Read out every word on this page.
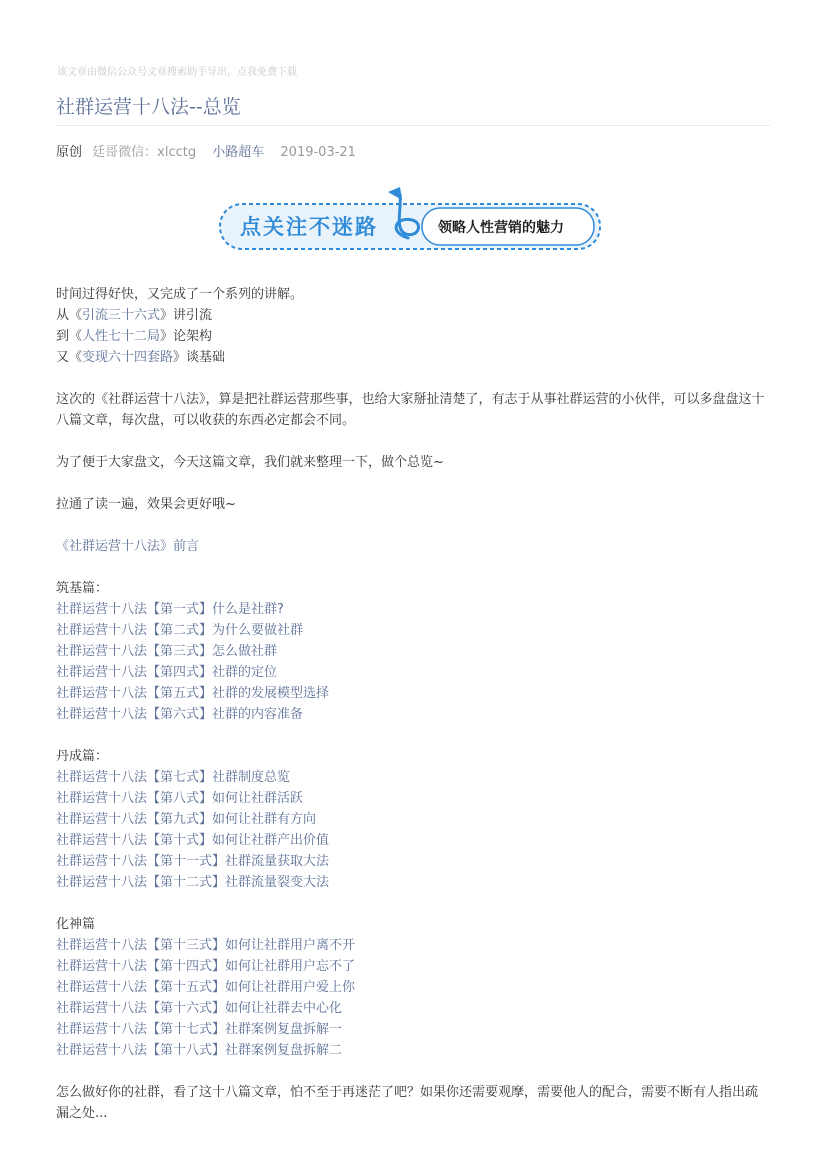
该文章由微信公众号文章搜索助手导出，点我免费下载
社群运营十八法--总览
原创 廷哥微信：xlcctg 小路超车 2019-03-21
点关注不迷路	领略人性营销的魅力

时间过得好快，又完成了一个系列的讲解。

从《引流三十六式》讲引流

到《人性七十二局》论架构

又《变现六十四套路》谈基础

这次的《社群运营十八法》，算是把社群运营那些事，也给大家掰扯清楚了，有志于从事社群运营的小伙伴，可以多盘盘这十八篇文章，每次盘，可以收获的东西必定都会不同。

为了便于大家盘文，今天这篇文章，我们就来整理一下，做个总览~

拉通了读一遍，效果会更好哦~

《社群运营十八法》前言

筑基篇：

社群运营十八法【第一式】什么是社群?

社群运营十八法【第二式】为什么要做社群

社群运营十八法【第三式】怎么做社群

社群运营十八法【第四式】社群的定位

社群运营十八法【第五式】社群的发展模型选择

社群运营十八法【第六式】社群的内容准备

丹成篇：

社群运营十八法【第七式】社群制度总览

社群运营十八法【第八式】如何让社群活跃

社群运营十八法【第九式】如何让社群有方向

社群运营十八法【第十式】如何让社群产出价值

社群运营十八法【第十一式】社群流量获取大法

社群运营十八法【第十二式】社群流量裂变大法

化神篇

社群运营十八法【第十三式】如何让社群用户离不开

社群运营十八法【第十四式】如何让社群用户忘不了

社群运营十八法【第十五式】如何让社群用户爱上你

社群运营十八法【第十六式】如何让社群去中心化

社群运营十八法【第十七式】社群案例复盘拆解一

社群运营十八法【第十八式】社群案例复盘拆解二

怎么做好你的社群，看了这十八篇文章，怕不至于再迷茫了吧？如果你还需要观摩，需要他人的配合，需要不断有人指出疏漏之处...
